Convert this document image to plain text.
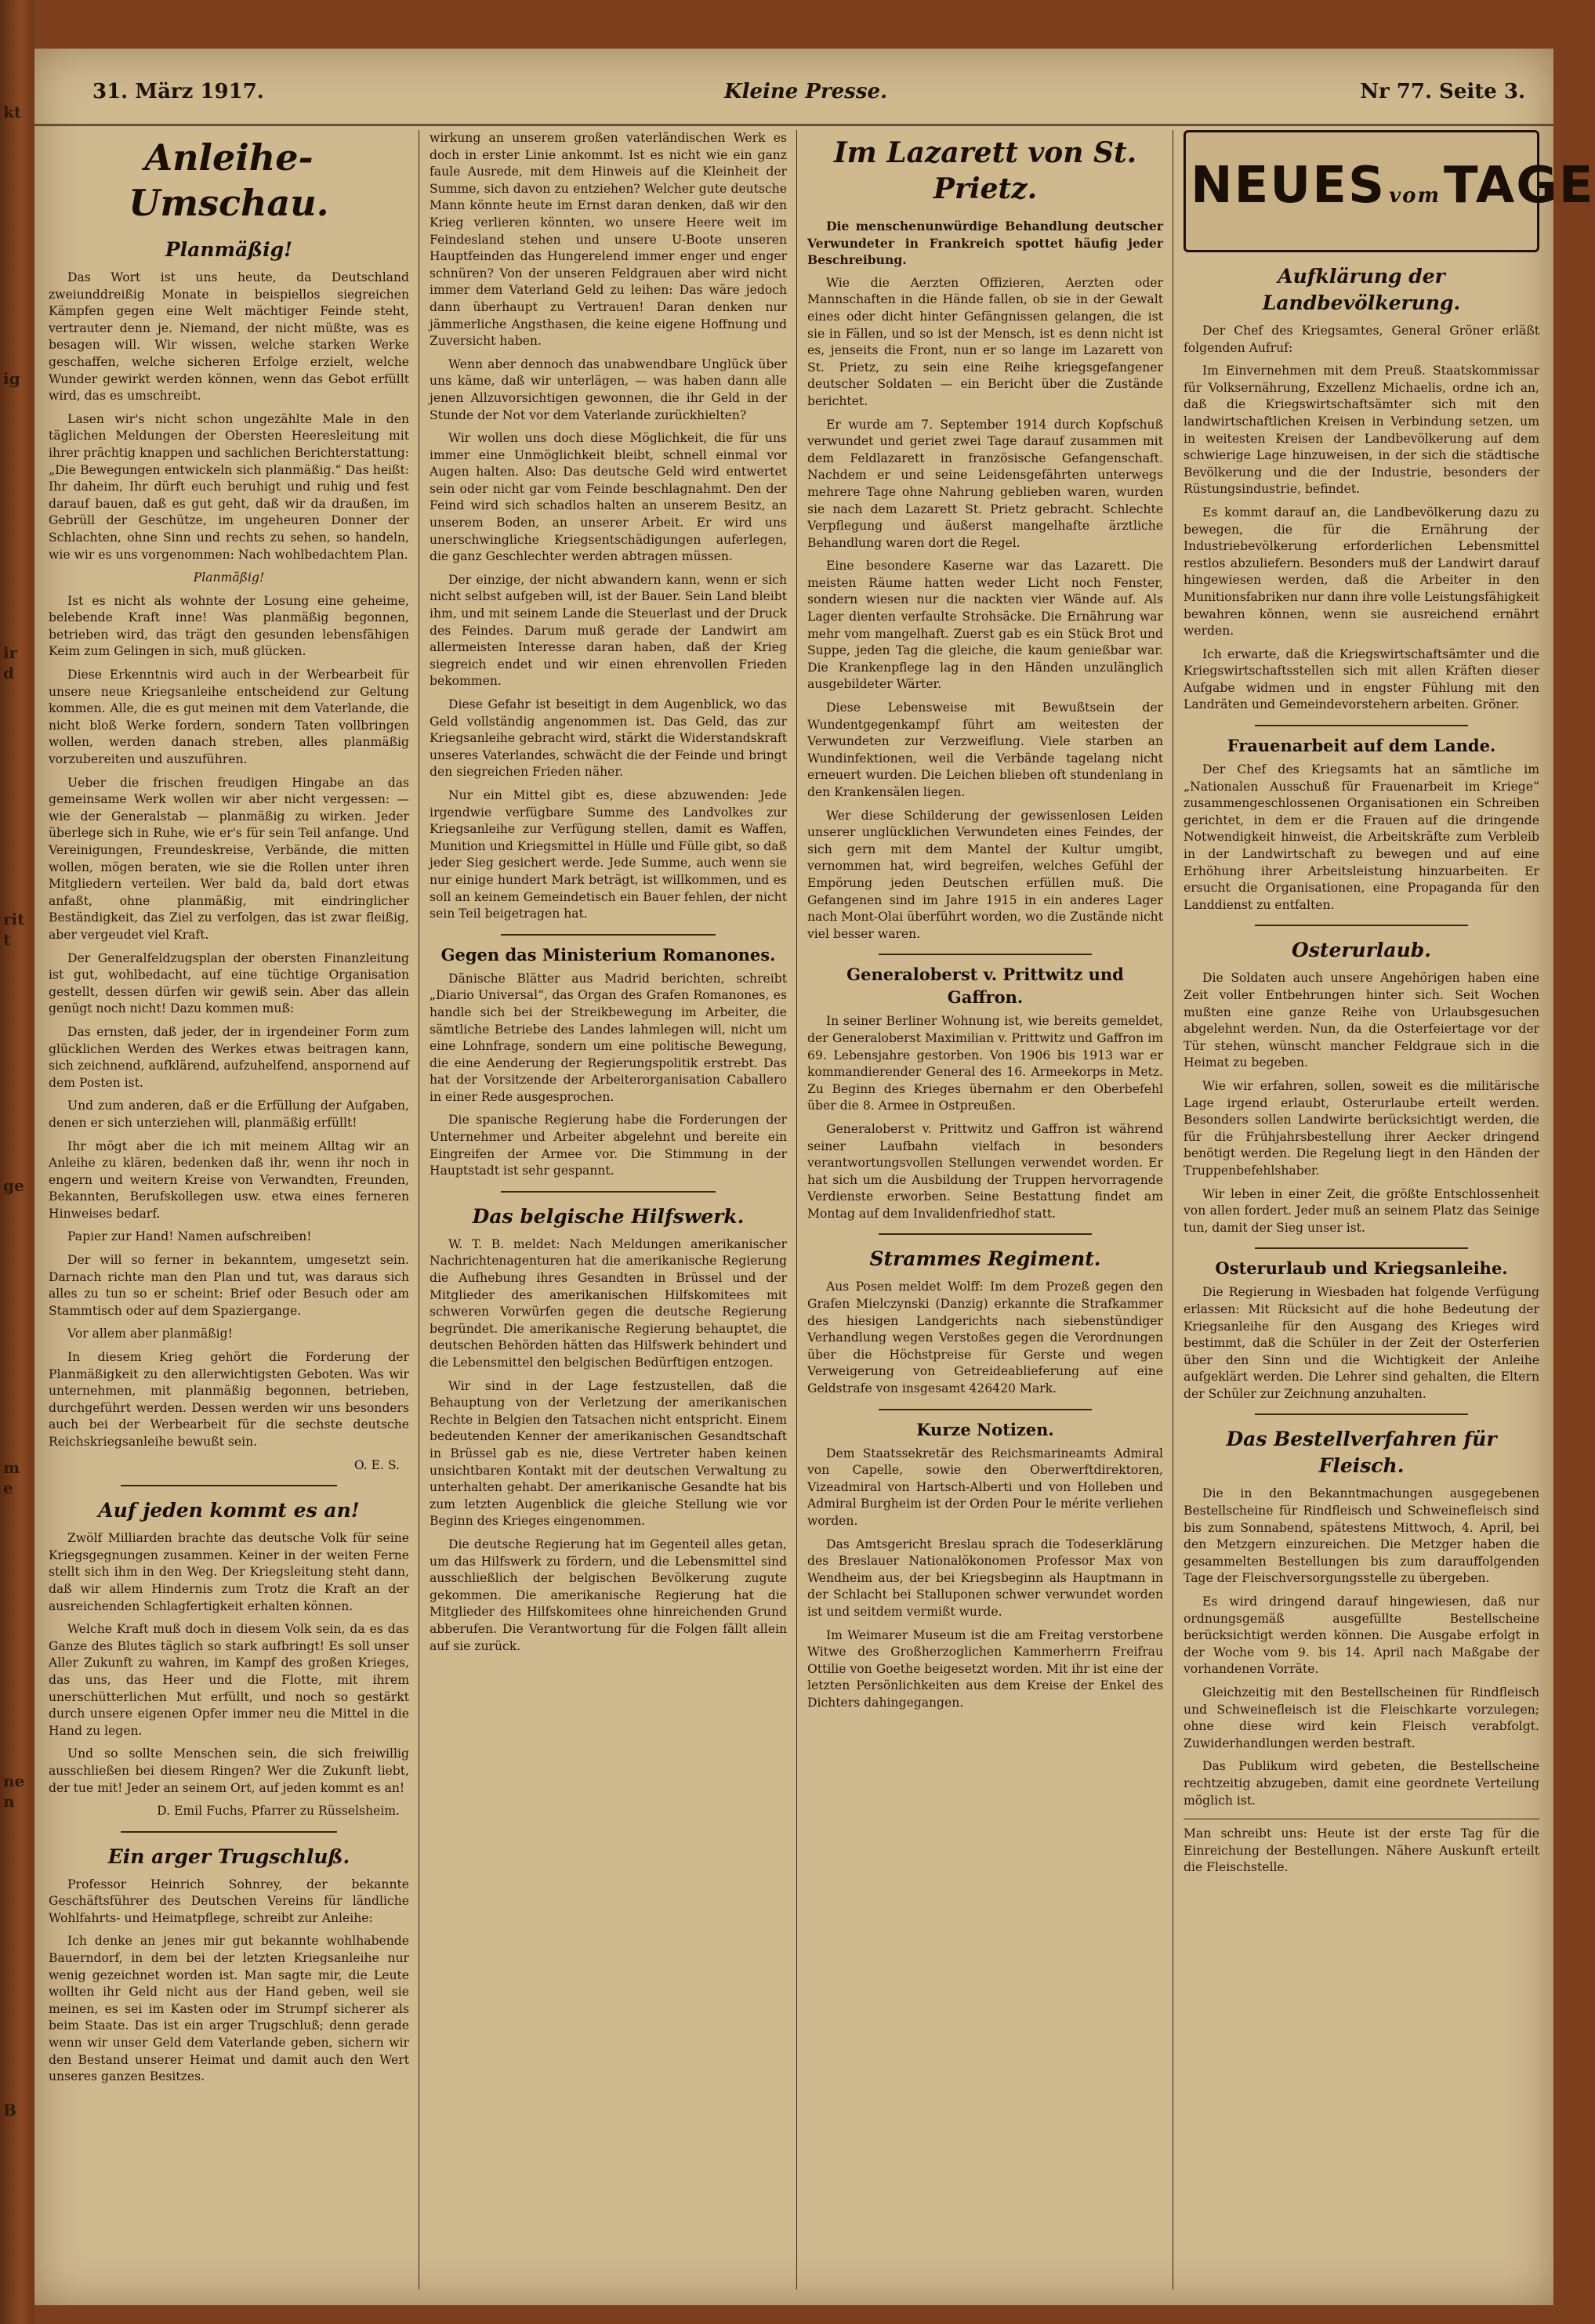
kt
ig
ird
ritt
ge
me
nen
B
31. März 1917.	Kleine Presse.	Nr 77. Seite 3.
Anleihe-Umschau.
Planmäßig!

Das Wort ist uns heute, da Deutschland zweiunddreißig Monate in beispiellos siegreichen Kämpfen gegen eine Welt mächtiger Feinde steht, vertrauter denn je. Niemand, der nicht müßte, was es besagen will. Wir wissen, welche starken Werke geschaffen, welche sicheren Erfolge erzielt, welche Wunder gewirkt werden können, wenn das Gebot erfüllt wird, das es umschreibt.

Lasen wir's nicht schon ungezählte Male in den täglichen Meldungen der Obersten Heeresleitung mit ihrer prächtig knappen und sachlichen Berichterstattung: „Die Bewegungen entwickeln sich planmäßig.“ Das heißt: Ihr daheim, Ihr dürft euch beruhigt und ruhig und fest darauf bauen, daß es gut geht, daß wir da draußen, im Gebrüll der Geschütze, im ungeheuren Donner der Schlachten, ohne Sinn und rechts zu sehen, so handeln, wie wir es uns vorgenommen: Nach wohlbedachtem Plan.

Planmäßig!

Ist es nicht als wohnte der Losung eine geheime, belebende Kraft inne! Was planmäßig begonnen, betrieben wird, das trägt den gesunden lebensfähigen Keim zum Gelingen in sich, muß glücken.

Diese Erkenntnis wird auch in der Werbearbeit für unsere neue Kriegsanleihe entscheidend zur Geltung kommen. Alle, die es gut meinen mit dem Vaterlande, die nicht bloß Werke fordern, sondern Taten vollbringen wollen, werden danach streben, alles planmäßig vorzubereiten und auszuführen.

Ueber die frischen freudigen Hingabe an das gemeinsame Werk wollen wir aber nicht vergessen: — wie der Generalstab — planmäßig zu wirken. Jeder überlege sich in Ruhe, wie er's für sein Teil anfange. Und Vereinigungen, Freundeskreise, Verbände, die mitten wollen, mögen beraten, wie sie die Rollen unter ihren Mitgliedern verteilen. Wer bald da, bald dort etwas anfaßt, ohne planmäßig, mit eindringlicher Beständigkeit, das Ziel zu verfolgen, das ist zwar fleißig, aber vergeudet viel Kraft.

Der Generalfeldzugsplan der obersten Finanzleitung ist gut, wohlbedacht, auf eine tüchtige Organisation gestellt, dessen dürfen wir gewiß sein. Aber das allein genügt noch nicht! Dazu kommen muß:

Das ernsten, daß jeder, der in irgendeiner Form zum glücklichen Werden des Werkes etwas beitragen kann, sich zeichnend, aufklärend, aufzuhelfend, anspornend auf dem Posten ist.

Und zum anderen, daß er die Erfüllung der Aufgaben, denen er sich unterziehen will, planmäßig erfüllt!

Ihr mögt aber die ich mit meinem Alltag wir an Anleihe zu klären, bedenken daß ihr, wenn ihr noch in engern und weitern Kreise von Verwandten, Freunden, Bekannten, Berufskollegen usw. etwa eines ferneren Hinweises bedarf.

Papier zur Hand! Namen aufschreiben!

Der will so ferner in bekanntem, umgesetzt sein. Darnach richte man den Plan und tut, was daraus sich alles zu tun so er scheint: Brief oder Besuch oder am Stammtisch oder auf dem Spaziergange.

Vor allem aber planmäßig!

In diesem Krieg gehört die Forderung der Planmäßigkeit zu den allerwichtigsten Geboten. Was wir unternehmen, mit planmäßig begonnen, betrieben, durchgeführt werden. Dessen werden wir uns besonders auch bei der Werbearbeit für die sechste deutsche Reichskriegsanleihe bewußt sein.

O. E. S.
Auf jeden kommt es an!

Zwölf Milliarden brachte das deutsche Volk für seine Kriegsgegnungen zusammen. Keiner in der weiten Ferne stellt sich ihm in den Weg. Der Kriegsleitung steht dann, daß wir allem Hindernis zum Trotz die Kraft an der ausreichenden Schlagfertigkeit erhalten können.

Welche Kraft muß doch in diesem Volk sein, da es das Ganze des Blutes täglich so stark aufbringt! Es soll unser Aller Zukunft zu wahren, im Kampf des großen Krieges, das uns, das Heer und die Flotte, mit ihrem unerschütterlichen Mut erfüllt, und noch so gestärkt durch unsere eigenen Opfer immer neu die Mittel in die Hand zu legen.

Und so sollte Menschen sein, die sich freiwillig ausschließen bei diesem Ringen? Wer die Zukunft liebt, der tue mit! Jeder an seinem Ort, auf jeden kommt es an!

D. Emil Fuchs, Pfarrer zu Rüsselsheim.
Ein arger Trugschluß.

Professor Heinrich Sohnrey, der bekannte Geschäftsführer des Deutschen Vereins für ländliche Wohlfahrts- und Heimatpflege, schreibt zur Anleihe:

Ich denke an jenes mir gut bekannte wohlhabende Bauerndorf, in dem bei der letzten Kriegsanleihe nur wenig gezeichnet worden ist. Man sagte mir, die Leute wollten ihr Geld nicht aus der Hand geben, weil sie meinen, es sei im Kasten oder im Strumpf sicherer als beim Staate. Das ist ein arger Trugschluß; denn gerade wenn wir unser Geld dem Vaterlande geben, sichern wir den Bestand unserer Heimat und damit auch den Wert unseres ganzen Besitzes.

wirkung an unserem großen vaterländischen Werk es doch in erster Linie ankommt. Ist es nicht wie ein ganz faule Ausrede, mit dem Hinweis auf die Kleinheit der Summe, sich davon zu entziehen? Welcher gute deutsche Mann könnte heute im Ernst daran denken, daß wir den Krieg verlieren könnten, wo unsere Heere weit im Feindesland stehen und unsere U-Boote unseren Hauptfeinden das Hungerelend immer enger und enger schnüren? Von der unseren Feldgrauen aber wird nicht immer dem Vaterland Geld zu leihen: Das wäre jedoch dann überhaupt zu Vertrauen! Daran denken nur jämmerliche Angsthasen, die keine eigene Hoffnung und Zuversicht haben.

Wenn aber dennoch das unabwendbare Unglück über uns käme, daß wir unterlägen, — was haben dann alle jenen Allzuvorsichtigen gewonnen, die ihr Geld in der Stunde der Not vor dem Vaterlande zurückhielten?

Wir wollen uns doch diese Möglichkeit, die für uns immer eine Unmöglichkeit bleibt, schnell einmal vor Augen halten. Also: Das deutsche Geld wird entwertet sein oder nicht gar vom Feinde beschlagnahmt. Den der Feind wird sich schadlos halten an unserem Besitz, an unserem Boden, an unserer Arbeit. Er wird uns unerschwingliche Kriegsentschädigungen auferlegen, die ganz Geschlechter werden abtragen müssen.

Der einzige, der nicht abwandern kann, wenn er sich nicht selbst aufgeben will, ist der Bauer. Sein Land bleibt ihm, und mit seinem Lande die Steuerlast und der Druck des Feindes. Darum muß gerade der Landwirt am allermeisten Interesse daran haben, daß der Krieg siegreich endet und wir einen ehrenvollen Frieden bekommen.

Diese Gefahr ist beseitigt in dem Augenblick, wo das Geld vollständig angenommen ist. Das Geld, das zur Kriegsanleihe gebracht wird, stärkt die Widerstandskraft unseres Vaterlandes, schwächt die der Feinde und bringt den siegreichen Frieden näher.

Nur ein Mittel gibt es, diese abzuwenden: Jede irgendwie verfügbare Summe des Landvolkes zur Kriegsanleihe zur Verfügung stellen, damit es Waffen, Munition und Kriegsmittel in Hülle und Fülle gibt, so daß jeder Sieg gesichert werde. Jede Summe, auch wenn sie nur einige hundert Mark beträgt, ist willkommen, und es soll an keinem Gemeindetisch ein Bauer fehlen, der nicht sein Teil beigetragen hat.

Gegen das Ministerium Romanones.

Dänische Blätter aus Madrid berichten, schreibt „Diario Universal“, das Organ des Grafen Romanones, es handle sich bei der Streikbewegung im Arbeiter, die sämtliche Betriebe des Landes lahmlegen will, nicht um eine Lohnfrage, sondern um eine politische Bewegung, die eine Aenderung der Regierungspolitik erstrebt. Das hat der Vorsitzende der Arbeiterorganisation Caballero in einer Rede ausgesprochen.

Die spanische Regierung habe die Forderungen der Unternehmer und Arbeiter abgelehnt und bereite ein Eingreifen der Armee vor. Die Stimmung in der Hauptstadt ist sehr gespannt.

Das belgische Hilfswerk.

W. T. B. meldet: Nach Meldungen amerikanischer Nachrichtenagenturen hat die amerikanische Regierung die Aufhebung ihres Gesandten in Brüssel und der Mitglieder des amerikanischen Hilfskomitees mit schweren Vorwürfen gegen die deutsche Regierung begründet. Die amerikanische Regierung behauptet, die deutschen Behörden hätten das Hilfswerk behindert und die Lebensmittel den belgischen Bedürftigen entzogen.

Wir sind in der Lage festzustellen, daß die Behauptung von der Verletzung der amerikanischen Rechte in Belgien den Tatsachen nicht entspricht. Einem bedeutenden Kenner der amerikanischen Gesandtschaft in Brüssel gab es nie, diese Vertreter haben keinen unsichtbaren Kontakt mit der deutschen Verwaltung zu unterhalten gehabt. Der amerikanische Gesandte hat bis zum letzten Augenblick die gleiche Stellung wie vor Beginn des Krieges eingenommen.

Die deutsche Regierung hat im Gegenteil alles getan, um das Hilfswerk zu fördern, und die Lebensmittel sind ausschließlich der belgischen Bevölkerung zugute gekommen. Die amerikanische Regierung hat die Mitglieder des Hilfskomitees ohne hinreichenden Grund abberufen. Die Verantwortung für die Folgen fällt allein auf sie zurück.

Im Lazarett von St. Prietz.

Die menschenunwürdige Behandlung deutscher Verwundeter in Frankreich spottet häufig jeder Beschreibung.

Wie die Aerzten Offizieren, Aerzten oder Mannschaften in die Hände fallen, ob sie in der Gewalt eines oder dicht hinter Gefängnissen gelangen, die ist sie in Fällen, und so ist der Mensch, ist es denn nicht ist es, jenseits die Front, nun er so lange im Lazarett von St. Prietz, zu sein eine Reihe kriegsgefangener deutscher Soldaten — ein Bericht über die Zustände berichtet.

Er wurde am 7. September 1914 durch Kopfschuß verwundet und geriet zwei Tage darauf zusammen mit dem Feldlazarett in französische Gefangenschaft. Nachdem er und seine Leidensgefährten unterwegs mehrere Tage ohne Nahrung geblieben waren, wurden sie nach dem Lazarett St. Prietz gebracht. Schlechte Verpflegung und äußerst mangelhafte ärztliche Behandlung waren dort die Regel.

Eine besondere Kaserne war das Lazarett. Die meisten Räume hatten weder Licht noch Fenster, sondern wiesen nur die nackten vier Wände auf. Als Lager dienten verfaulte Strohsäcke. Die Ernährung war mehr vom mangelhaft. Zuerst gab es ein Stück Brot und Suppe, jeden Tag die gleiche, die kaum genießbar war. Die Krankenpflege lag in den Händen unzulänglich ausgebildeter Wärter.

Diese Lebensweise mit Bewußtsein der Wundentgegenkampf führt am weitesten der Verwundeten zur Verzweiflung. Viele starben an Wundinfektionen, weil die Verbände tagelang nicht erneuert wurden. Die Leichen blieben oft stundenlang in den Krankensälen liegen.

Wer diese Schilderung der gewissenlosen Leiden unserer unglücklichen Verwundeten eines Feindes, der sich gern mit dem Mantel der Kultur umgibt, vernommen hat, wird begreifen, welches Gefühl der Empörung jeden Deutschen erfüllen muß. Die Gefangenen sind im Jahre 1915 in ein anderes Lager nach Mont-Olai überführt worden, wo die Zustände nicht viel besser waren.

Generaloberst v. Prittwitz und Gaffron.

In seiner Berliner Wohnung ist, wie bereits gemeldet, der Generaloberst Maximilian v. Prittwitz und Gaffron im 69. Lebensjahre gestorben. Von 1906 bis 1913 war er kommandierender General des 16. Armeekorps in Metz. Zu Beginn des Krieges übernahm er den Oberbefehl über die 8. Armee in Ostpreußen.

Generaloberst v. Prittwitz und Gaffron ist während seiner Laufbahn vielfach in besonders verantwortungsvollen Stellungen verwendet worden. Er hat sich um die Ausbildung der Truppen hervorragende Verdienste erworben. Seine Bestattung findet am Montag auf dem Invalidenfriedhof statt.

Strammes Regiment.

Aus Posen meldet Wolff: Im dem Prozeß gegen den Grafen Mielczynski (Danzig) erkannte die Strafkammer des hiesigen Landgerichts nach siebenstündiger Verhandlung wegen Verstoßes gegen die Verordnungen über die Höchstpreise für Gerste und wegen Verweigerung von Getreideablieferung auf eine Geldstrafe von insgesamt 426420 Mark.

Kurze Notizen.

Dem Staatssekretär des Reichsmarineamts Admiral von Capelle, sowie den Oberwerftdirektoren, Vizeadmiral von Hartsch-Alberti und von Holleben und Admiral Burgheim ist der Orden Pour le mérite verliehen worden.

Das Amtsgericht Breslau sprach die Todeserklärung des Breslauer Nationalökonomen Professor Max von Wendheim aus, der bei Kriegsbeginn als Hauptmann in der Schlacht bei Stalluponen schwer verwundet worden ist und seitdem vermißt wurde.

Im Weimarer Museum ist die am Freitag verstorbene Witwe des Großherzoglichen Kammerherrn Freifrau Ottilie von Goethe beigesetzt worden. Mit ihr ist eine der letzten Persönlichkeiten aus dem Kreise der Enkel des Dichters dahingegangen.

NEUES vomTAGE
Aufklärung der Landbevölkerung.

Der Chef des Kriegsamtes, General Gröner erläßt folgenden Aufruf:

Im Einvernehmen mit dem Preuß. Staatskommissar für Volksernährung, Exzellenz Michaelis, ordne ich an, daß die Kriegswirtschaftsämter sich mit den landwirtschaftlichen Kreisen in Verbindung setzen, um in weitesten Kreisen der Landbevölkerung auf dem schwierige Lage hinzuweisen, in der sich die städtische Bevölkerung und die der Industrie, besonders der Rüstungsindustrie, befindet.

Es kommt darauf an, die Landbevölkerung dazu zu bewegen, die für die Ernährung der Industriebevölkerung erforderlichen Lebensmittel restlos abzuliefern. Besonders muß der Landwirt darauf hingewiesen werden, daß die Arbeiter in den Munitionsfabriken nur dann ihre volle Leistungsfähigkeit bewahren können, wenn sie ausreichend ernährt werden.

Ich erwarte, daß die Kriegswirtschaftsämter und die Kriegswirtschaftsstellen sich mit allen Kräften dieser Aufgabe widmen und in engster Fühlung mit den Landräten und Gemeindevorstehern arbeiten. Gröner.

Frauenarbeit auf dem Lande.

Der Chef des Kriegsamts hat an sämtliche im „Nationalen Ausschuß für Frauenarbeit im Kriege“ zusammengeschlossenen Organisationen ein Schreiben gerichtet, in dem er die Frauen auf die dringende Notwendigkeit hinweist, die Arbeitskräfte zum Verbleib in der Landwirtschaft zu bewegen und auf eine Erhöhung ihrer Arbeitsleistung hinzuarbeiten. Er ersucht die Organisationen, eine Propaganda für den Landdienst zu entfalten.

Osterurlaub.

Die Soldaten auch unsere Angehörigen haben eine Zeit voller Entbehrungen hinter sich. Seit Wochen mußten eine ganze Reihe von Urlaubsgesuchen abgelehnt werden. Nun, da die Osterfeiertage vor der Tür stehen, wünscht mancher Feldgraue sich in die Heimat zu begeben.

Wie wir erfahren, sollen, soweit es die militärische Lage irgend erlaubt, Osterurlaube erteilt werden. Besonders sollen Landwirte berücksichtigt werden, die für die Frühjahrsbestellung ihrer Aecker dringend benötigt werden. Die Regelung liegt in den Händen der Truppenbefehlshaber.

Wir leben in einer Zeit, die größte Entschlossenheit von allen fordert. Jeder muß an seinem Platz das Seinige tun, damit der Sieg unser ist.

Osterurlaub und Kriegsanleihe.

Die Regierung in Wiesbaden hat folgende Verfügung erlassen: Mit Rücksicht auf die hohe Bedeutung der Kriegsanleihe für den Ausgang des Krieges wird bestimmt, daß die Schüler in der Zeit der Osterferien über den Sinn und die Wichtigkeit der Anleihe aufgeklärt werden. Die Lehrer sind gehalten, die Eltern der Schüler zur Zeichnung anzuhalten.

Das Bestellverfahren für Fleisch.

Die in den Bekanntmachungen ausgegebenen Bestellscheine für Rindfleisch und Schweinefleisch sind bis zum Sonnabend, spätestens Mittwoch, 4. April, bei den Metzgern einzureichen. Die Metzger haben die gesammelten Bestellungen bis zum darauffolgenden Tage der Fleischversorgungsstelle zu übergeben.

Es wird dringend darauf hingewiesen, daß nur ordnungsgemäß ausgefüllte Bestellscheine berücksichtigt werden können. Die Ausgabe erfolgt in der Woche vom 9. bis 14. April nach Maßgabe der vorhandenen Vorräte.

Gleichzeitig mit den Bestellscheinen für Rindfleisch und Schweinefleisch ist die Fleischkarte vorzulegen; ohne diese wird kein Fleisch verabfolgt. Zuwiderhandlungen werden bestraft.

Das Publikum wird gebeten, die Bestellscheine rechtzeitig abzugeben, damit eine geordnete Verteilung möglich ist.

Man schreibt uns: Heute ist der erste Tag für die Einreichung der Bestellungen. Nähere Auskunft erteilt die Fleischstelle.
